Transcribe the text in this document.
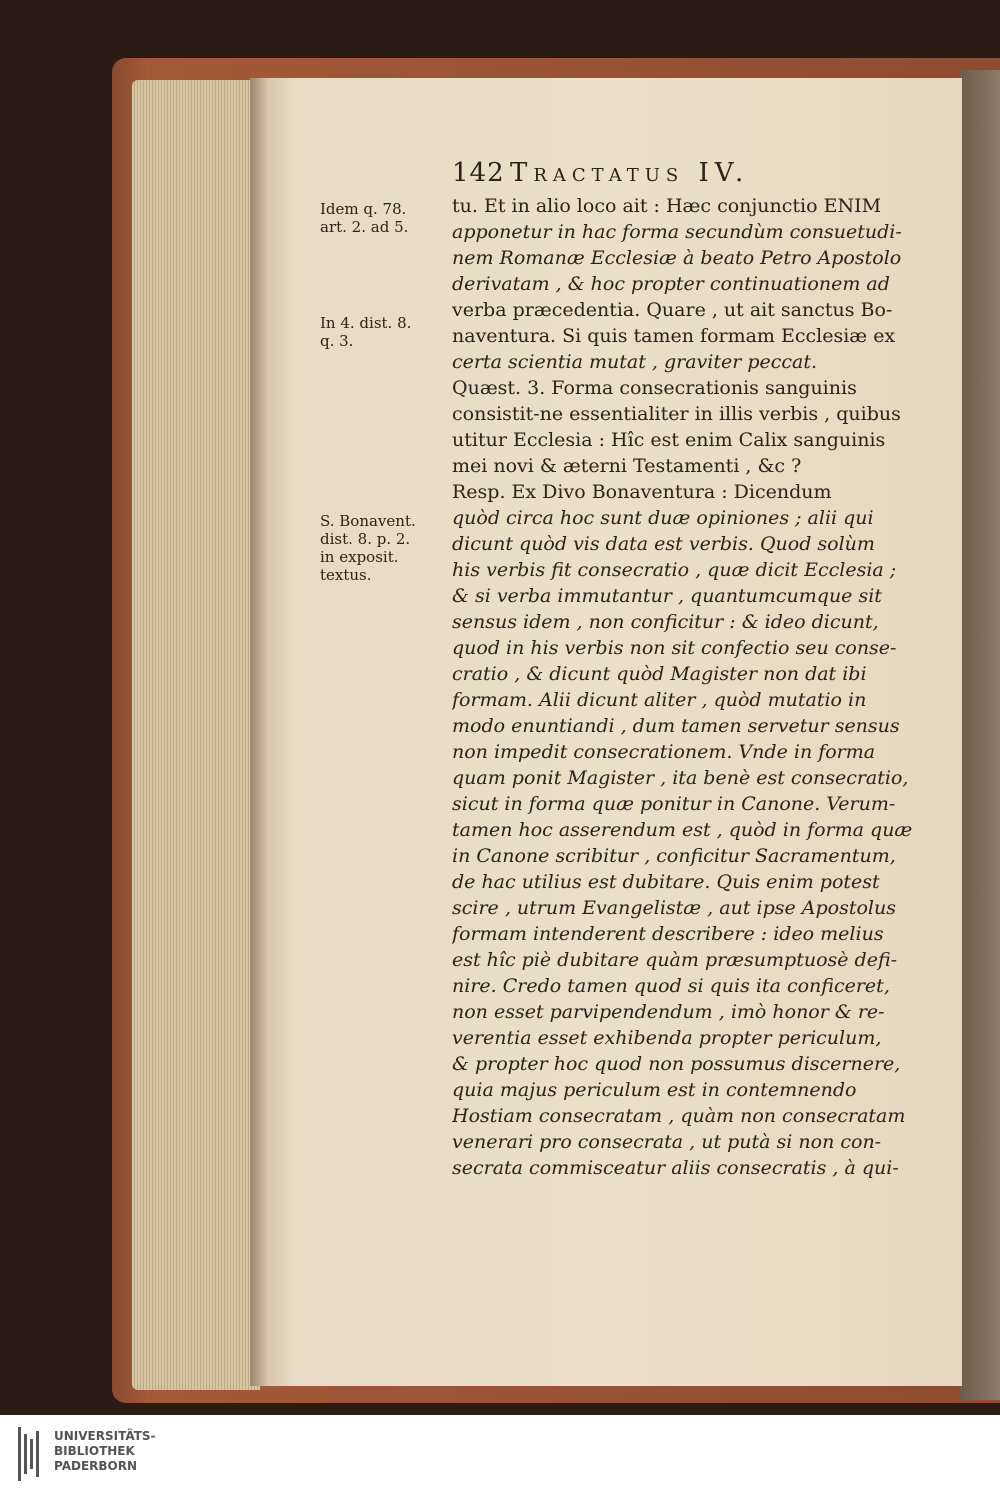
142 Tractatus IV.
Idem q. 78.
art. 2. ad 5.
In 4. dist. 8.
q. 3.
S. Bonavent.
dist. 8. p. 2.
in exposit.
textus.
tu. Et in alio loco ait : Hæc conjunctio ENIM
apponetur in hac forma secundùm consuetudi-
nem Romanæ Ecclesiæ à beato Petro Apostolo
derivatam , & hoc propter continuationem ad
verba præcedentia. Quare , ut ait sanctus Bo-
naventura. Si quis tamen formam Ecclesiæ ex
certa scientia mutat , graviter peccat.
Quæst. 3. Forma consecrationis sanguinis
consistit-ne essentialiter in illis verbis , quibus
utitur Ecclesia : Hîc est enim Calix sanguinis
mei novi & æterni Testamenti , &c ?
Resp. Ex Divo Bonaventura : Dicendum
quòd circa hoc sunt duæ opiniones ; alii qui
dicunt quòd vis data est verbis. Quod solùm
his verbis fit consecratio , quæ dicit Ecclesia ;
& si verba immutantur , quantumcumque sit
sensus idem , non conficitur : & ideo dicunt,
quod in his verbis non sit confectio seu conse-
cratio , & dicunt quòd Magister non dat ibi
formam. Alii dicunt aliter , quòd mutatio in
modo enuntiandi , dum tamen servetur sensus
non impedit consecrationem. Vnde in forma
quam ponit Magister , ita benè est consecratio,
sicut in forma quæ ponitur in Canone. Verum-
tamen hoc asserendum est , quòd in forma quæ
in Canone scribitur , conficitur Sacramentum,
de hac utilius est dubitare. Quis enim potest
scire , utrum Evangelistæ , aut ipse Apostolus
formam intenderent describere : ideo melius
est hîc piè dubitare quàm præsumptuosè defi-
nire. Credo tamen quod si quis ita conficeret,
non esset parvipendendum , imò honor & re-
verentia esset exhibenda propter periculum,
& propter hoc quod non possumus discernere,
quia majus periculum est in contemnendo
Hostiam consecratam , quàm non consecratam
venerari pro consecrata , ut putà si non con-
secrata commisceatur aliis consecratis , à qui-
UNIVERSITÄTS-
BIBLIOTHEK
PADERBORN
